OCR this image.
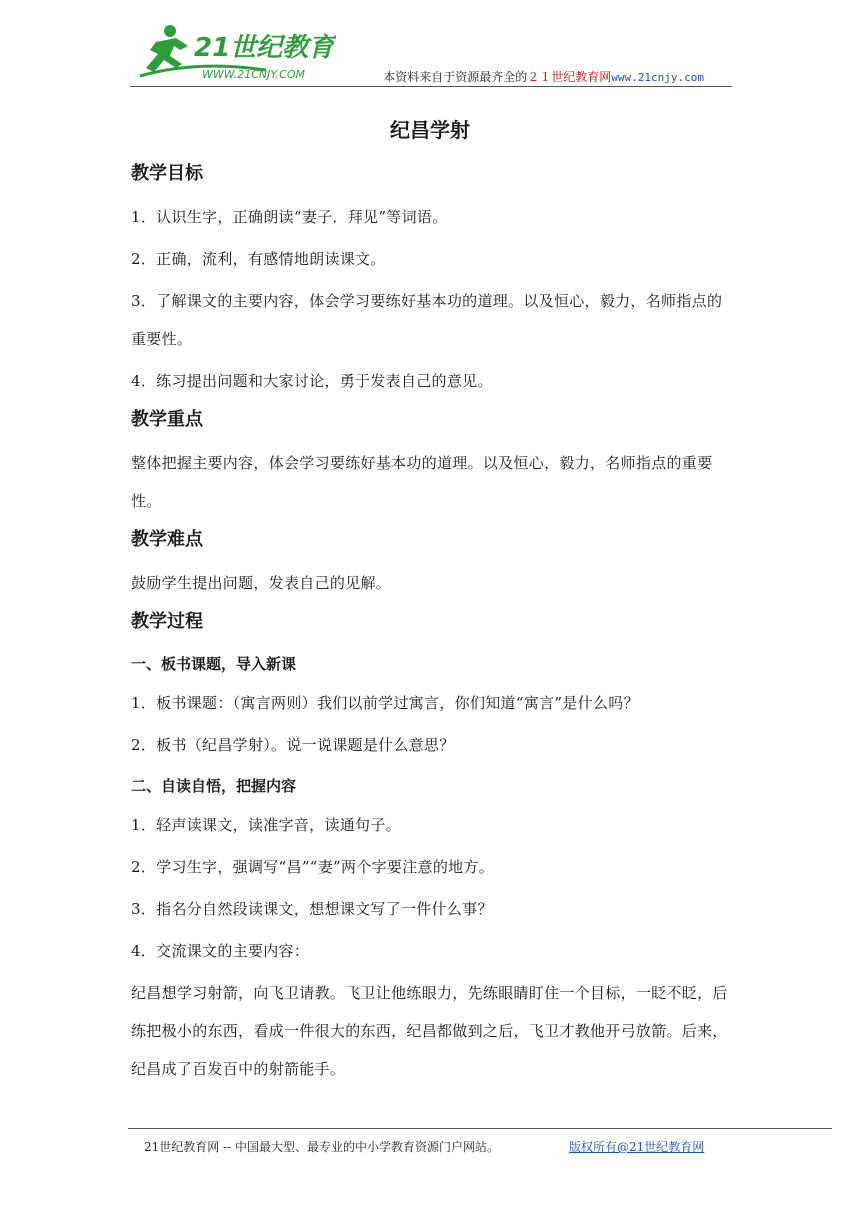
21世纪教育
WWW.21CNJY.COM	本资料来自于资源最齐全的２１世纪教育网www.21cnjy.com
纪昌学射
教学目标

1．认识生字，正确朗读“妻子．拜见”等词语。

2．正确，流利，有感情地朗读课文。

3．了解课文的主要内容，体会学习要练好基本功的道理。以及恒心，毅力，名师指点的重要性。

4．练习提出问题和大家讨论，勇于发表自己的意见。

教学重点

整体把握主要内容，体会学习要练好基本功的道理。以及恒心，毅力，名师指点的重要性。

教学难点

鼓励学生提出问题，发表自己的见解。

教学过程
一、板书课题，导入新课

1．板书课题：（寓言两则）我们以前学过寓言，你们知道“寓言”是什么吗？

2．板书（纪昌学射）。说一说课题是什么意思？

二、自读自悟，把握内容

1．轻声读课文，读准字音，读通句子。

2．学习生字，强调写“昌”“妻”两个字要注意的地方。

3．指名分自然段读课文，想想课文写了一件什么事？

4．交流课文的主要内容：

纪昌想学习射箭，向飞卫请教。飞卫让他练眼力，先练眼睛盯住一个目标，一眨不眨，后练把极小的东西，看成一件很大的东西，纪昌都做到之后，飞卫才教他开弓放箭。后来，纪昌成了百发百中的射箭能手。

21世纪教育网 -- 中国最大型、最专业的中小学教育资源门户网站。	版权所有@21世纪教育网
